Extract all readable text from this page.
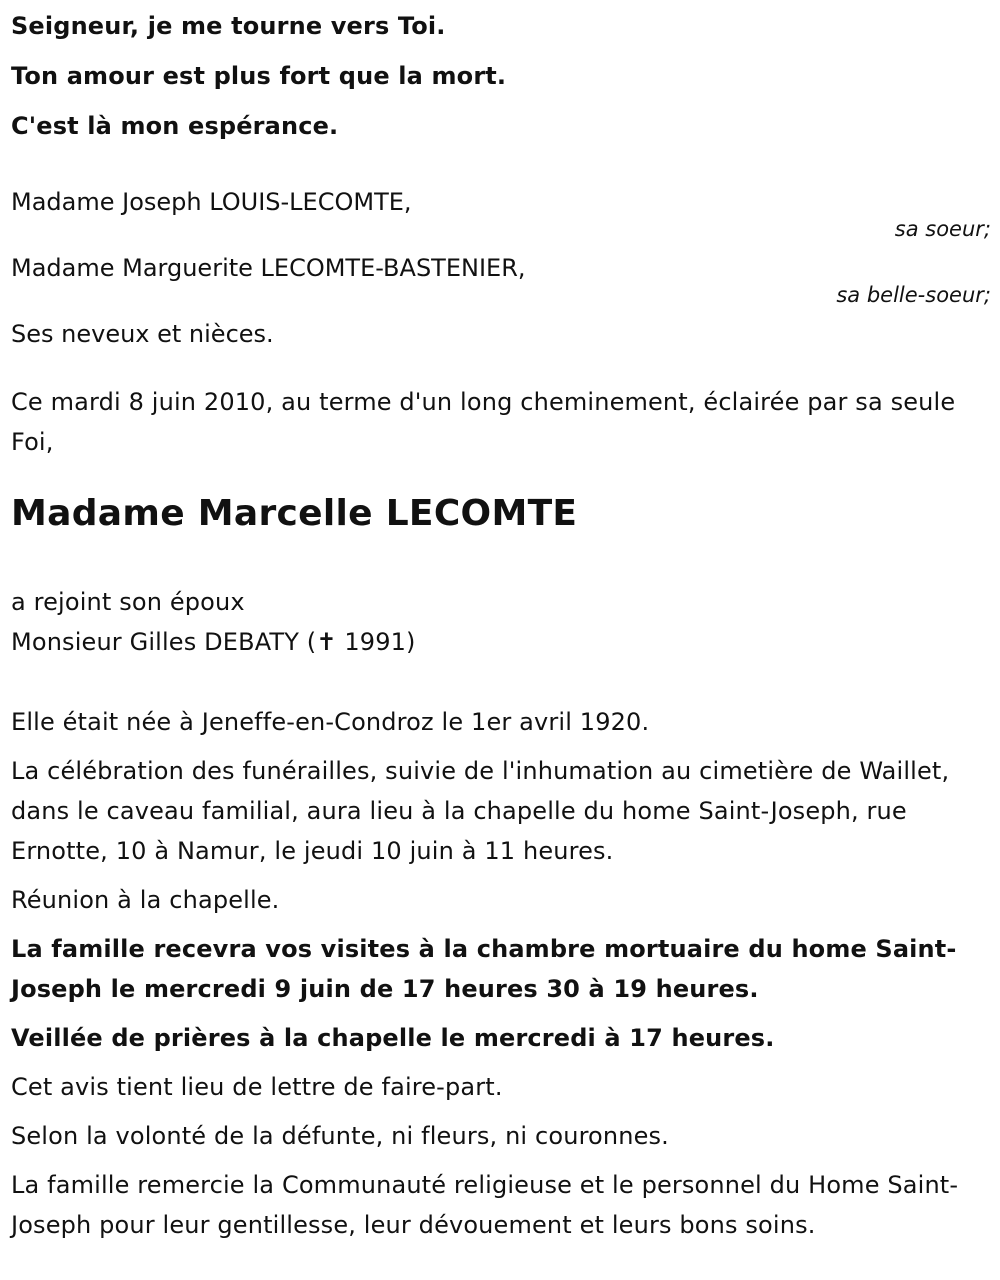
Seigneur, je me tourne vers Toi.

Ton amour est plus fort que la mort.

C'est là mon espérance.

Madame Joseph LOUIS-LECOMTE,

sa soeur;

Madame Marguerite LECOMTE-BASTENIER,

sa belle-soeur;

Ses neveux et nièces.

Ce mardi 8 juin 2010, au terme d'un long cheminement, éclairée par sa seule Foi,

Madame Marcelle LECOMTE

a rejoint son époux

Monsieur Gilles DEBATY (✝ 1991)

Elle était née à Jeneffe-en-Condroz le 1er avril 1920.

La célébration des funérailles, suivie de l'inhumation au cimetière de Waillet, dans le caveau familial, aura lieu à la chapelle du home Saint-Joseph, rue Ernotte, 10 à Namur, le jeudi 10 juin à 11 heures.

Réunion à la chapelle.

La famille recevra vos visites à la chambre mortuaire du home Saint-Joseph le mercredi 9 juin de 17 heures 30 à 19 heures.

Veillée de prières à la chapelle le mercredi à 17 heures.

Cet avis tient lieu de lettre de faire-part.

Selon la volonté de la défunte, ni fleurs, ni couronnes.

La famille remercie la Communauté religieuse et le personnel du Home Saint-Joseph pour leur gentillesse, leur dévouement et leurs bons soins.
